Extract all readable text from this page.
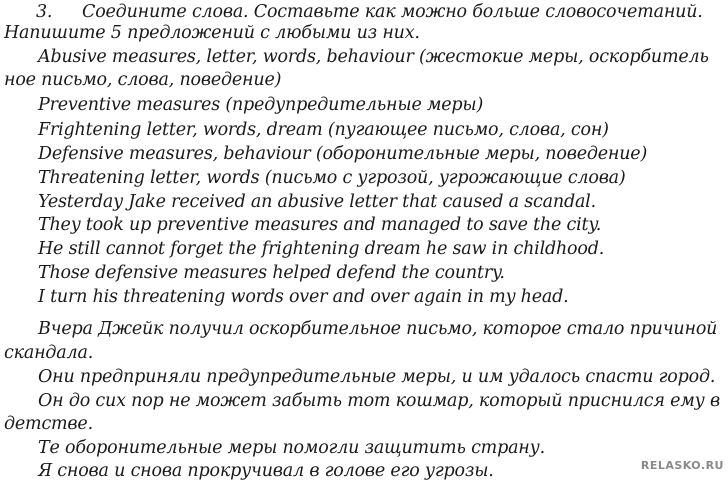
3. Соедините слова. Составьте как можно больше словосочетаний.
Напишите 5 предложений с любыми из них.
Abusive measures, letter, words, behaviour (жестокие меры, оскорбитель
ное письмо, слова, поведение)
Preventive measures (предупредительные меры)
Frightening letter, words, dream (пугающее письмо, слова, сон)
Defensive measures, behaviour (оборонительные меры, поведение)
Threatening letter, words (письмо с угрозой, угрожающие слова)
Yesterday Jake received an abusive letter that caused a scandal.
They took up preventive measures and managed to save the city.
He still cannot forget the frightening dream he saw in childhood.
Those defensive measures helped defend the country.
I turn his threatening words over and over again in my head.
Вчера Джейк получил оскорбительное письмо, которое стало причиной
скандала.
Они предприняли предупредительные меры, и им удалось спасти город.
Он до сих пор не может забыть тот кошмар, который приснился ему в
детстве.
Те оборонительные меры помогли защитить страну.
Я снова и снова прокручивал в голове его угрозы.	RELASKO.RU
